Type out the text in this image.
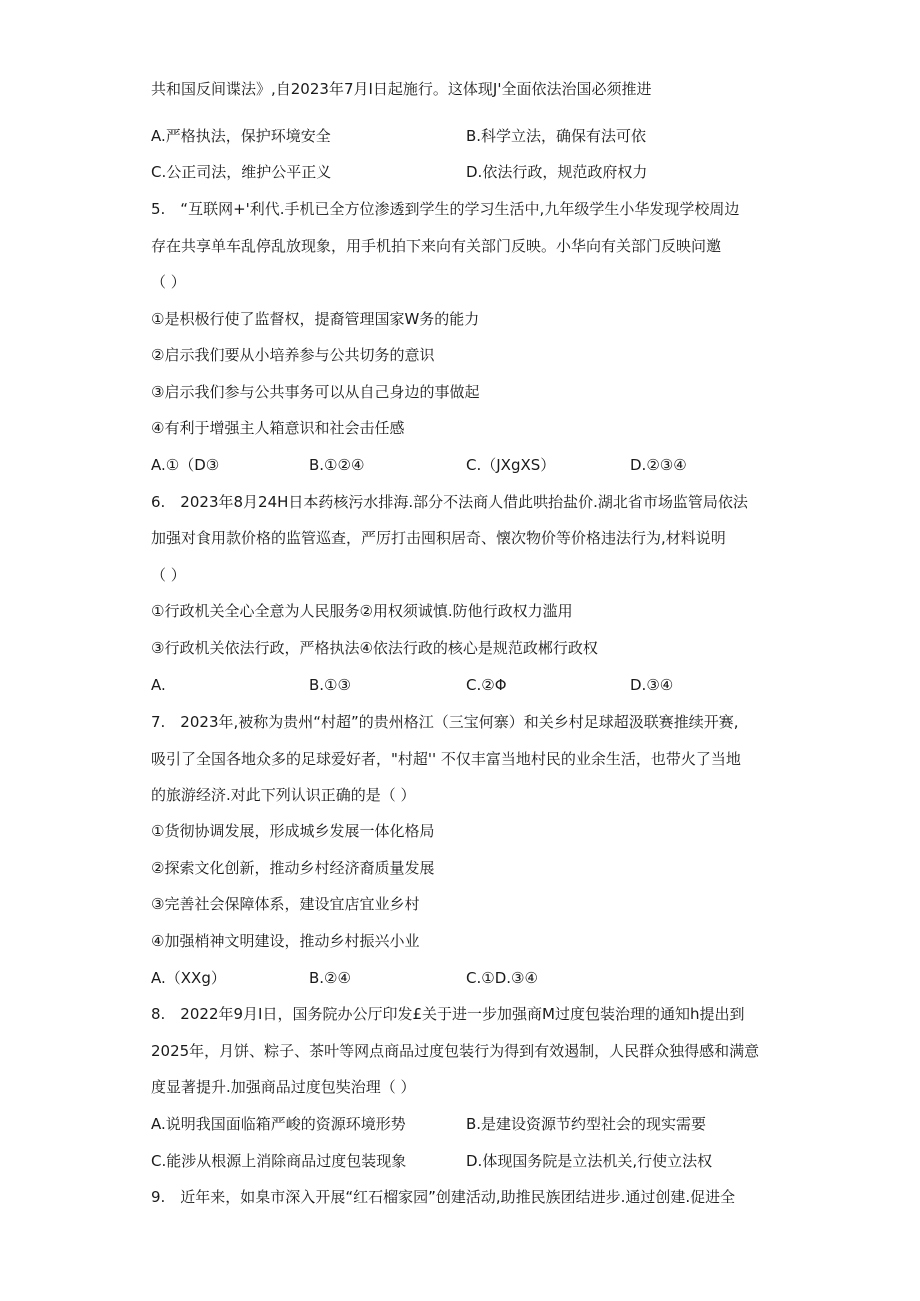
共和国反间谍法》,自2023年7月I日起施行。这体现J'全面依法治国必须推进
A.严格执法，保护环境安全	B.科学立法，确保有法可依
C.公正司法，维护公平正义	D.依法行政，规范政府权力
5.　“互联网+'利代.手机已全方位渗透到学生的学习生活中,九年级学生小华发现学校周边
存在共享单车乱停乱放现象，用手机拍下来向有关部门反映。小华向有关部门反映问邀
（ ）
①是枳极行使了监督权，提裔管理国家W务的能力
②启示我们要从小培养参与公共切务的意识
③启示我们参与公共事务可以从自己身边的事做起
④有利于增强主人箱意识和社会击任感
A.①（D③	B.①②④	C.（JXgXS）	D.②③④
6.　2023年8月24H日本药核污水排海.部分不法商人借此哄抬盐价.湖北省市场监管局依法
加强对食用款价格的监管巡查，严厉打击囤积居奇、懐次物价等价格违法行为,材料说明
（ ）
①行政机关全心全意为人民服务②用权须诚慎.防他行政权力滥用
③行政机关依法行政，严格执法④依法行政的核心是规范政郴行政权
A.	B.①③	C.②Φ	D.③④
7.　2023年,被称为贵州“村超”的贵州格江（三宝何寨）和关乡村足球超汲联赛推续开赛,
吸引了全国各地众多的足球爱好者，"村超'' 不仅丰富当地村民的业余生活，也带火了当地
的旅游经济.对此下列认识正确的是（ ）
①货彻协调发展，形成城乡发展一体化格局
②探索文化创新，推动乡村经济裔质量发展
③完善社会保障体系，建设宜店宜业乡村
④加强梢神文明建设，推动乡村振兴小业
A.（XXg）	B.②④	C.①D.③④
8.　2022年9月I日，国务院办公厅印发£关于进一步加强商M过度包装治理的通知h提出到
2025年，月饼、粽子、茶叶等网点商品过度包装行为得到有效遏制，人民群众独得感和满意
度显著提升.加强商品过度包奘治理（ ）
A.说明我国面临箱严峻的资源环境形势	B.是建设资源节约型社会的现实需要
C.能涉从根源上消除商品过度包装现象	D.体现国务院是立法机关,行使立法权
9.　近年来，如臬市深入开展“红石榴家园”创建活动,助推民族团结进步.通过创建.促进全
